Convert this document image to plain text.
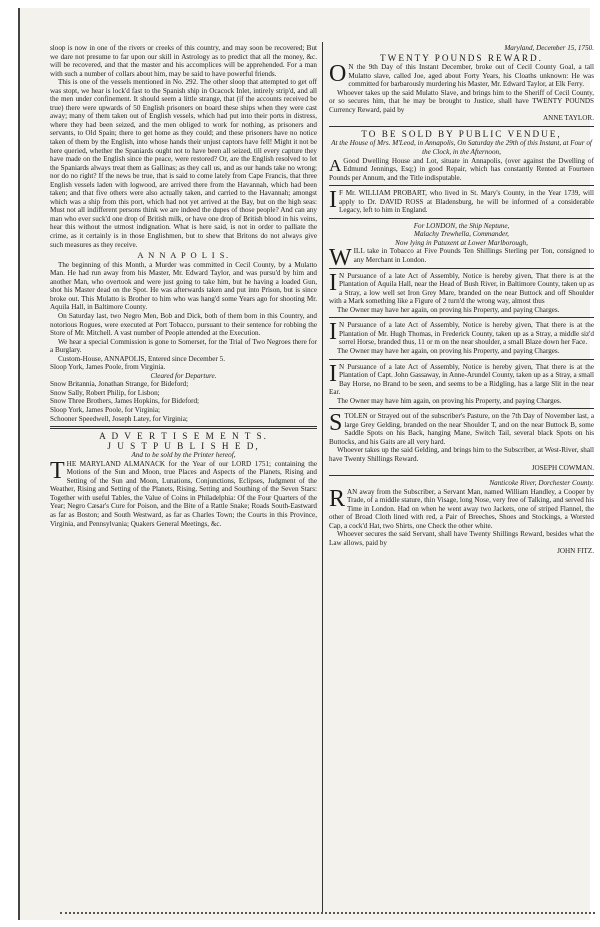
sloop is now in one of the rivers or creeks of this country, and may soon be recovered; But we dare not presume to far upon our skill in Astrology as to predict that all the money, &c. will be recovered, and that the master and his accomplices will be apprehended. For a man with such a number of collars about him, may be said to have powerful friends.

This is one of the vessels mentioned in No. 292. The other sloop that attempted to get off was stopt, we hear is lock'd fast to the Spanish ship in Ocacock Inlet, intirely strip'd, and all the men under confinement. It should seem a little strange, that (if the accounts received be true) there were upwards of 50 English prisoners on board these ships when they were cast away; many of them taken out of English vessels, which had put into their ports in distress, where they had been seized, and the men obliged to work for nothing, as prisoners and servants, to Old Spain; there to get home as they could; and these prisoners have no notice taken of them by the English, into whose hands their unjust captors have fell! Might it not be here queried, whether the Spaniards ought not to have been all seized, till every capture they have made on the English since the peace, were restored? Or, are the English resolved to let the Spaniards always treat them as Gallinas; as they call us, and as our hands take no wrong; nor do no right? If the news be true, that is said to come lately from Cape Francis, that three English vessels laden with logwood, are arrived there from the Havannah, which had been taken; and that five others were also actually taken, and carried to the Havannah; amongst which was a ship from this port, which had not yet arrived at the Bay, but on the high seas: Must not all indifferent persons think we are indeed the dupes of those people? And can any man who ever suck'd one drop of British milk, or have one drop of British blood in his veins, hear this without the utmost indignation. What is here said, is not in order to palliate the crime, as it certainly is in those Englishmen, but to shew that Britons do not always give such measures as they receive.

A N N A P O L I S.

The beginning of this Month, a Murder was committed in Cecil County, by a Mulatto Man. He had run away from his Master, Mr. Edward Taylor, and was pursu'd by him and another Man, who overtook and were just going to take him, but he having a loaded Gun, shot his Master dead on the Spot. He was afterwards taken and put into Prison, but is since broke out. This Mulatto is Brother to him who was hang'd some Years ago for shooting Mr. Aquila Hall, in Baltimore County.

On Saturday last, two Negro Men, Bob and Dick, both of them born in this Country, and notorious Rogues, were executed at Port Tobacco, pursuant to their sentence for robbing the Store of Mr. Mitchell. A vast number of People attended at the Execution.

We hear a special Commission is gone to Somerset, for the Trial of Two Negroes there for a Burglary.

Custom-House, ANNAPOLIS, Entered since December 5.

Sloop York, James Poole, from Virginia.

Cleared for Departure.

Snow Britannia, Jonathan Strange, for Bideford;

Snow Sally, Robert Philip, for Lisbon;

Snow Three Brothers, James Hopkins, for Bideford;

Sloop York, James Poole, for Virginia;

Schooner Speedwell, Joseph Latey, for Virginia;

A D V E R T I S E M E N T S.
J U S T P U B L I S H E D,
And to be sold by the Printer hereof,

THE MARYLAND ALMANACK for the Year of our LORD 1751; containing the Motions of the Sun and Moon, true Places and Aspects of the Planets, Rising and Setting of the Sun and Moon, Lunations, Conjunctions, Eclipses, Judgment of the Weather, Rising and Setting of the Planets, Rising, Setting and Southing of the Seven Stars: Together with useful Tables, the Value of Coins in Philadelphia: Of the Four Quarters of the Year; Negro Cæsar's Cure for Poison, and the Bite of a Rattle Snake; Roads South-Eastward as far as Boston; and South Westward, as far as Charles Town; the Courts in this Province, Virginia, and Pennsylvania; Quakers General Meetings, &c.

Maryland, December 15, 1750.
TWENTY POUNDS REWARD.

O N the 9th Day of this Instant December, broke out of Cecil County Goal, a tall Mulatto slave, called Joe, aged about Forty Years, his Cloaths unknown: He was committed for barbarously murdering his Master, Mr. Edward Taylor, at Elk Ferry.

Whoever takes up the said Mulatto Slave, and brings him to the Sheriff of Cecil County, or so secures him, that he may be brought to Justice, shall have TWENTY POUNDS Currency Reward, paid by

ANNE TAYLOR.
TO BE SOLD BY PUBLIC VENDUE,
At the House of Mrs. M'Leod, in Annapolis, On Saturday the 29th of this Instant, at Four of the Clock, in the Afternoon,

A Good Dwelling House and Lot, situate in Annapolis, (over against the Dwelling of Edmund Jennings, Esq;) in good Repair, which has constantly Rented at Fourteen Pounds per Annum, and the Title indisputable.

I F Mr. WILLIAM PROBART, who lived in St. Mary's County, in the Year 1739, will apply to Dr. DAVID ROSS at Bladensburg, he will be informed of a considerable Legacy, left to him in England.

For LONDON, the Ship Neptune,
Malachy Trewhella, Commander,
Now lying in Patuxent at Lower Marlborough,

WILL take in Tobacco at Five Pounds Ten Shillings Sterling per Ton, consigned to any Merchant in London.

I N Pursuance of a late Act of Assembly, Notice is hereby given, That there is at the Plantation of Aquila Hall, near the Head of Bush River, in Baltimore County, taken up as a Stray, a low well set Iron Grey Mare, branded on the near Buttock and off Shoulder with a Mark something like a Figure of 2 turn'd the wrong way, almost thus

The Owner may have her again, on proving his Property, and paying Charges.

I N Pursuance of a late Act of Assembly, Notice is hereby given, That there is at the Plantation of Mr. Hugh Thomas, in Frederick County, taken up as a Stray, a middle siz'd sorrel Horse, branded thus, 11 or m on the near shoulder, a small Blaze down her Face.

The Owner may have her again, on proving his Property, and paying Charges.

I N Pursuance of a late Act of Assembly, Notice is hereby given, That there is at the Plantation of Capt. John Gassaway, in Anne-Arundel County, taken up as a Stray, a small Bay Horse, no Brand to be seen, and seems to be a Ridgling, has a large Slit in the near Ear.

The Owner may have him again, on proving his Property, and paying Charges.

STOLEN or Strayed out of the subscriber's Pasture, on the 7th Day of November last, a large Grey Gelding, branded on the near Shoulder T, and on the near Buttock B, some Saddle Spots on his Back, hanging Mane, Switch Tail, several black Spots on his Buttocks, and his Gaits are all very hard.

Whoever takes up the said Gelding, and brings him to the Subscriber, at West-River, shall have Twenty Shillings Reward.

JOSEPH COWMAN.
Nanticoke River, Dorchester County.

RAN away from the Subscriber, a Servant Man, named William Handley, a Cooper by Trade, of a middle stature, thin Visage, long Nose, very free of Talking, and served his Time in London. Had on when he went away two Jackets, one of striped Flannel, the other of Broad Cloth lined with red, a Pair of Breeches, Shoes and Stockings, a Worsted Cap, a cock'd Hat, two Shirts, one Check the other white.

Whoever secures the said Servant, shall have Twenty Shillings Reward, besides what the Law allows, paid by

JOHN FITZ.
